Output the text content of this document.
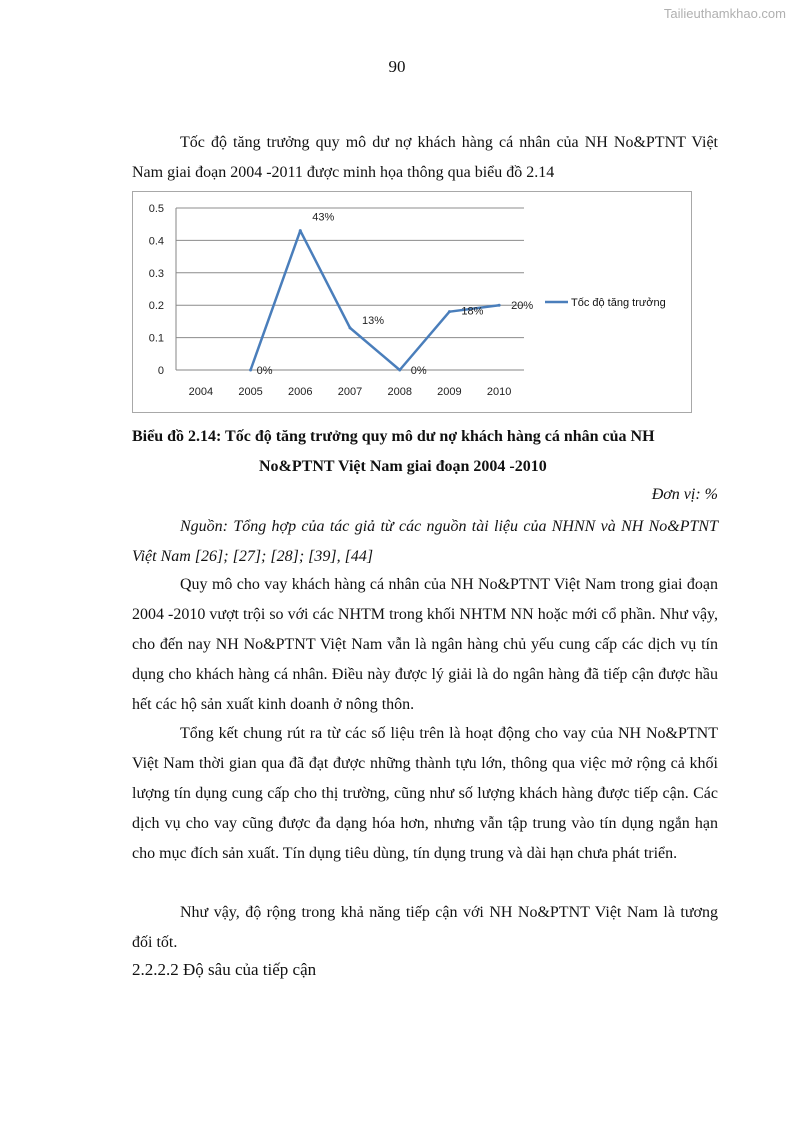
Tailieuthamkhao.com
90

Tốc độ tăng trưởng quy mô dư nợ khách hàng cá nhân của NH No&PTNT Việt Nam giai đoạn 2004 -2011 được minh họa thông qua biểu đồ 2.14

0
0.1
0.2
0.3
0.4
0.5
2004 2005 2006 2007 2008 2009 2010
0%
43%
13%
0%
18%	20%	Tốc độ tăng trưởng

Biểu đồ 2.14: Tốc độ tăng trưởng quy mô dư nợ khách hàng cá nhân của NH

No&PTNT Việt Nam giai đoạn 2004 -2010

Đơn vị: %

Nguồn: Tổng hợp của tác giả từ các nguồn tài liệu của NHNN và NH No&PTNT Việt Nam [26]; [27]; [28]; [39], [44]

Quy mô cho vay khách hàng cá nhân của NH No&PTNT Việt Nam trong giai đoạn 2004 -2010 vượt trội so với các NHTM trong khối NHTM NN hoặc mới cổ phần. Như vậy, cho đến nay NH No&PTNT Việt Nam vẫn là ngân hàng chủ yếu cung cấp các dịch vụ tín dụng cho khách hàng cá nhân. Điều này được lý giải là do ngân hàng đã tiếp cận được hầu hết các hộ sản xuất kinh doanh ở nông thôn.

Tổng kết chung rút ra từ các số liệu trên là hoạt động cho vay của NH No&PTNT Việt Nam thời gian qua đã đạt được những thành tựu lớn, thông qua việc mở rộng cả khối lượng tín dụng cung cấp cho thị trường, cũng như số lượng khách hàng được tiếp cận. Các dịch vụ cho vay cũng được đa dạng hóa hơn, nhưng vẫn tập trung vào tín dụng ngắn hạn cho mục đích sản xuất. Tín dụng tiêu dùng, tín dụng trung và dài hạn chưa phát triển.

Như vậy, độ rộng trong khả năng tiếp cận với NH No&PTNT Việt Nam là tương đối tốt.

2.2.2.2 Độ sâu của tiếp cận
